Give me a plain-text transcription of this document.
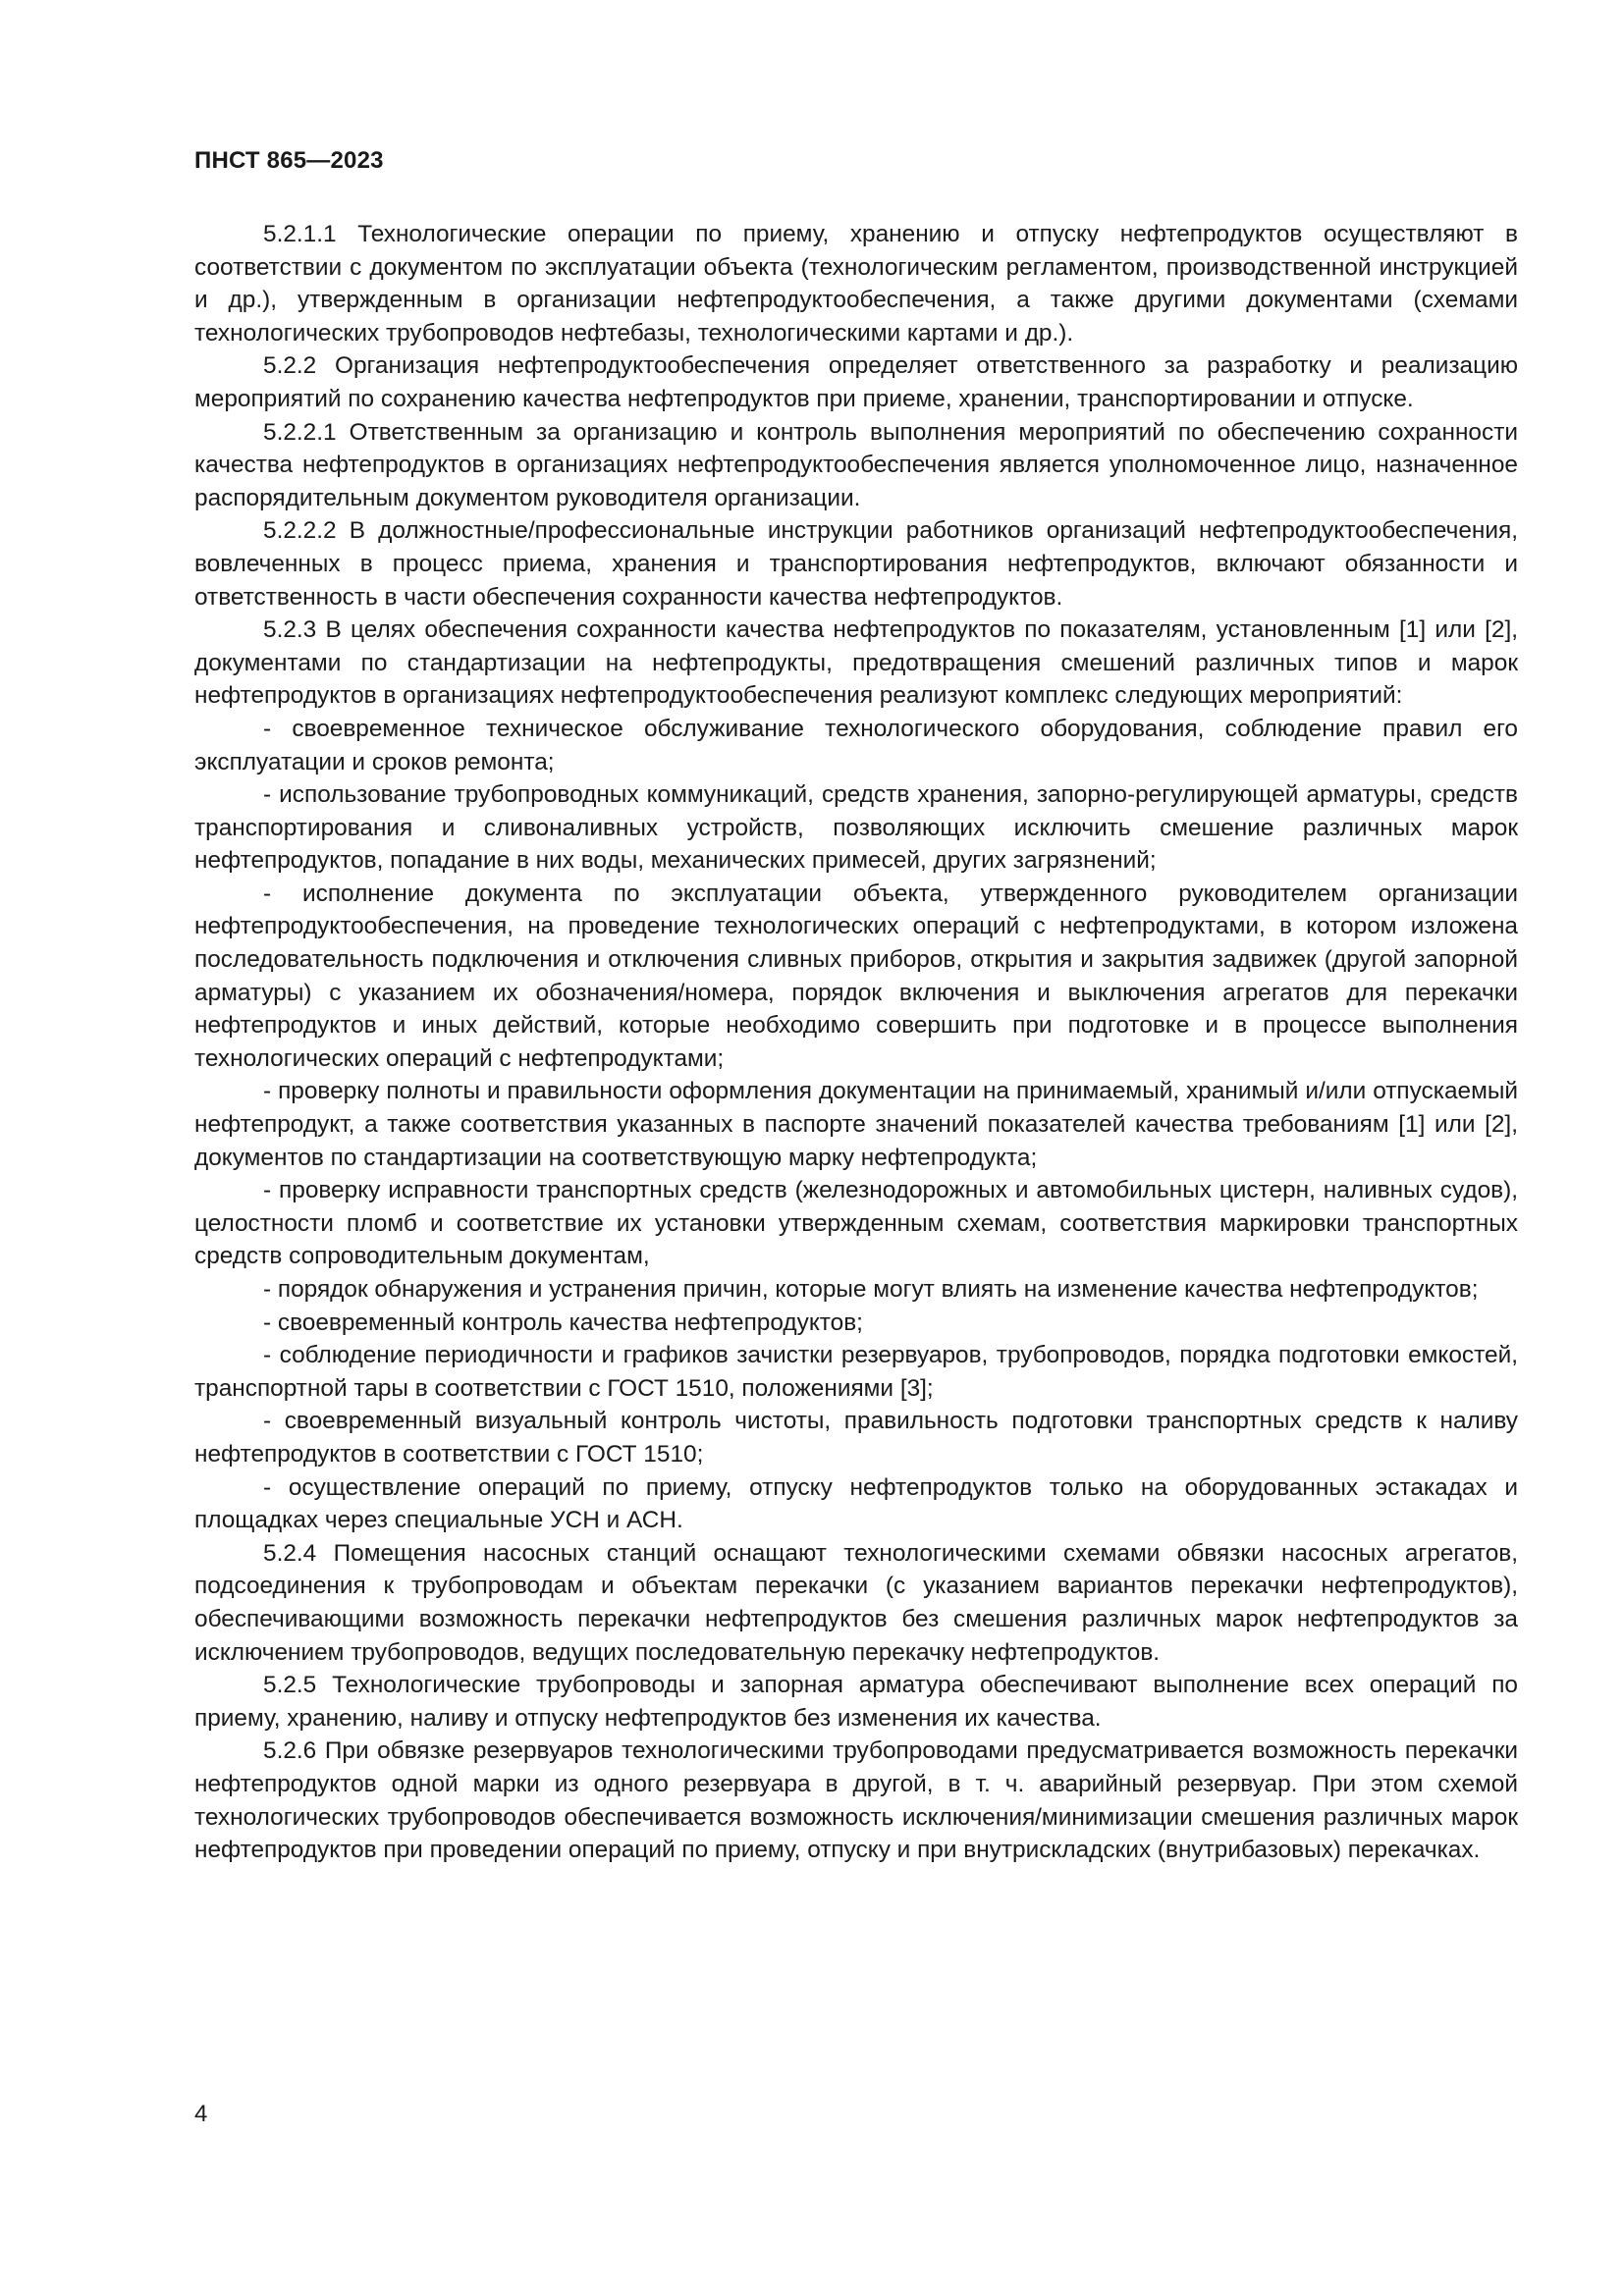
ПНСТ 865—2023

5.2.1.1 Технологические операции по приему, хранению и отпуску нефтепродуктов осуществляют в соответствии с документом по эксплуатации объекта (технологическим регламентом, производственной инструкцией и др.), утвержденным в организации нефтепродуктообеспечения, а также другими документами (схемами технологических трубопроводов нефтебазы, технологическими картами и др.).

5.2.2 Организация нефтепродуктообеспечения определяет ответственного за разработку и реализацию мероприятий по сохранению качества нефтепродуктов при приеме, хранении, транспортировании и отпуске.

5.2.2.1 Ответственным за организацию и контроль выполнения мероприятий по обеспечению сохранности качества нефтепродуктов в организациях нефтепродуктообеспечения является уполномоченное лицо, назначенное распорядительным документом руководителя организации.

5.2.2.2 В должностные/профессиональные инструкции работников организаций нефтепродуктообеспечения, вовлеченных в процесс приема, хранения и транспортирования нефтепродуктов, включают обязанности и ответственность в части обеспечения сохранности качества нефтепродуктов.

5.2.3 В целях обеспечения сохранности качества нефтепродуктов по показателям, установленным [1] или [2], документами по стандартизации на нефтепродукты, предотвращения смешений различных типов и марок нефтепродуктов в организациях нефтепродуктообеспечения реализуют комплекс следующих мероприятий:

- своевременное техническое обслуживание технологического оборудования, соблюдение правил его эксплуатации и сроков ремонта;

- использование трубопроводных коммуникаций, средств хранения, запорно-регулирующей арматуры, средств транспортирования и сливоналивных устройств, позволяющих исключить смешение различных марок нефтепродуктов, попадание в них воды, механических примесей, других загрязнений;

- исполнение документа по эксплуатации объекта, утвержденного руководителем организации нефтепродуктообеспечения, на проведение технологических операций с нефтепродуктами, в котором изложена последовательность подключения и отключения сливных приборов, открытия и закрытия задвижек (другой запорной арматуры) с указанием их обозначения/номера, порядок включения и выключения агрегатов для перекачки нефтепродуктов и иных действий, которые необходимо совершить при подготовке и в процессе выполнения технологических операций с нефтепродуктами;

- проверку полноты и правильности оформления документации на принимаемый, хранимый и/или отпускаемый нефтепродукт, а также соответствия указанных в паспорте значений показателей качества требованиям [1] или [2], документов по стандартизации на соответствующую марку нефтепродукта;

- проверку исправности транспортных средств (железнодорожных и автомобильных цистерн, наливных судов), целостности пломб и соответствие их установки утвержденным схемам, соответствия маркировки транспортных средств сопроводительным документам,

- порядок обнаружения и устранения причин, которые могут влиять на изменение качества нефтепродуктов;

- своевременный контроль качества нефтепродуктов;

- соблюдение периодичности и графиков зачистки резервуаров, трубопроводов, порядка подготовки емкостей, транспортной тары в соответствии с ГОСТ 1510, положениями [3];

- своевременный визуальный контроль чистоты, правильность подготовки транспортных средств к наливу нефтепродуктов в соответствии с ГОСТ 1510;

- осуществление операций по приему, отпуску нефтепродуктов только на оборудованных эстакадах и площадках через специальные УСН и АСН.

5.2.4 Помещения насосных станций оснащают технологическими схемами обвязки насосных агрегатов, подсоединения к трубопроводам и объектам перекачки (с указанием вариантов перекачки нефтепродуктов), обеспечивающими возможность перекачки нефтепродуктов без смешения различных марок нефтепродуктов за исключением трубопроводов, ведущих последовательную перекачку нефтепродуктов.

5.2.5 Технологические трубопроводы и запорная арматура обеспечивают выполнение всех операций по приему, хранению, наливу и отпуску нефтепродуктов без изменения их качества.

5.2.6 При обвязке резервуаров технологическими трубопроводами предусматривается возможность перекачки нефтепродуктов одной марки из одного резервуара в другой, в т. ч. аварийный резервуар. При этом схемой технологических трубопроводов обеспечивается возможность исключения/минимизации смешения различных марок нефтепродуктов при проведении операций по приему, отпуску и при внутрискладских (внутрибазовых) перекачках.

4
